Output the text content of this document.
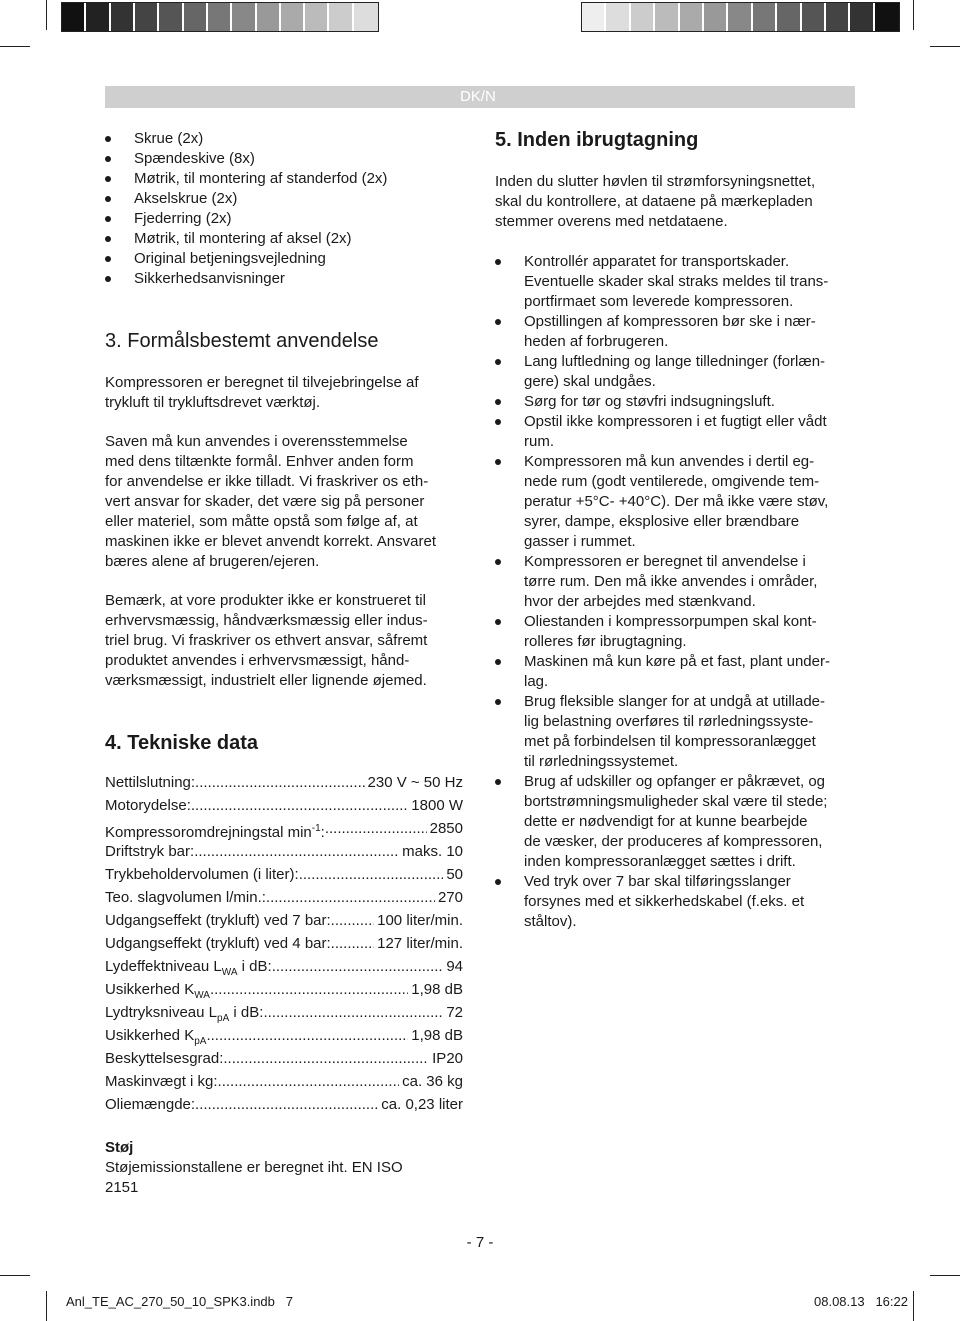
DK/N
Skrue (2x)
Spændeskive (8x)
Møtrik, til montering af standerfod (2x)
Akselskrue (2x)
Fjederring (2x)
Møtrik, til montering af aksel (2x)
Original betjeningsvejledning
Sikkerhedsanvisninger
3. Formålsbestemt anvendelse

Kompressoren er beregnet til tilvejebringelse af
trykluft til trykluftsdrevet værktøj.

Saven må kun anvendes i overensstemmelse
med dens tiltænkte formål. Enhver anden form
for anvendelse er ikke tilladt. Vi fraskriver os eth-
vert ansvar for skader, det være sig på personer
eller materiel, som måtte opstå som følge af, at
maskinen ikke er blevet anvendt korrekt. Ansvaret
bæres alene af brugeren/ejeren.

Bemærk, at vore produkter ikke er konstrueret til
erhvervsmæssig, håndværksmæssig eller indus-
triel brug. Vi fraskriver os ethvert ansvar, såfremt
produktet anvendes i erhvervsmæssigt, hånd-
værksmæssigt, industrielt eller lignende øjemed.

4. Tekniske data
Nettilslutning: .....	230 V ~ 50 Hz
Motorydelse: .....	1800 W
Kompressoromdrejningstal $\min^{-1}$: .....	2850
Driftstryk bar: .....	maks. 10
Trykbeholdervolumen (i liter): .....	50
Teo. slagvolumen l/min.: .....	270
Udgangseffekt (trykluft) ved 7 bar: .....	100 liter/min.
Udgangseffekt (trykluft) ved 4 bar: .....	127 liter/min.
Lydeffektniveau $L_{WA}$ i dB: .....	94
Usikkerhed $K_{WA}$ .....	1,98 dB
Lydtryksniveau $L_{pA}$ i dB: .....	72
Usikkerhed $K_{pA}$ .....	1,98 dB
Beskyttelsesgrad: .....	IP20
Maskinvægt i kg: .....	ca. 36 kg
Oliemængde: .....	ca. 0,23 liter
Støj

Støjemissionstallene er beregnet iht. EN ISO
2151

5. Inden ibrugtagning

Inden du slutter høvlen til strømforsyningsnettet,
skal du kontrollere, at dataene på mærkepladen
stemmer overens med netdataene.

Kontrollér apparatet for transportskader.
Eventuelle skader skal straks meldes til trans-
portfirmaet som leverede kompressoren.
Opstillingen af kompressoren bør ske i nær-
heden af forbrugeren.
Lang luftledning og lange tilledninger (forlæn-
gere) skal undgåes.
Sørg for tør og støvfri indsugningsluft.
Opstil ikke kompressoren i et fugtigt eller vådt
rum.
Kompressoren må kun anvendes i dertil eg-
nede rum (godt ventilerede, omgivende tem-
peratur +5°C- +40°C). Der må ikke være støv,
syrer, dampe, eksplosive eller brændbare
gasser i rummet.
Kompressoren er beregnet til anvendelse i
tørre rum. Den må ikke anvendes i områder,
hvor der arbejdes med stænkvand.
Oliestanden i kompressorpumpen skal kont-
rolleres før ibrugtagning.
Maskinen må kun køre på et fast, plant under-
lag.
Brug fleksible slanger for at undgå at utillade-
lig belastning overføres til rørledningssyste-
met på forbindelsen til kompressoranlægget
til rørledningssystemet.
Brug af udskiller og opfanger er påkrævet, og
bortstrømningsmuligheder skal være til stede;
dette er nødvendigt for at kunne bearbejde
de væsker, der produceres af kompressoren,
inden kompressoranlægget sættes i drift.
Ved tryk over 7 bar skal tilføringsslanger
forsynes med et sikkerhedskabel (f.eks. et
ståltov).
- 7 -
Anl_TE_AC_270_50_10_SPK3.indb   7	08.08.13   16:22
